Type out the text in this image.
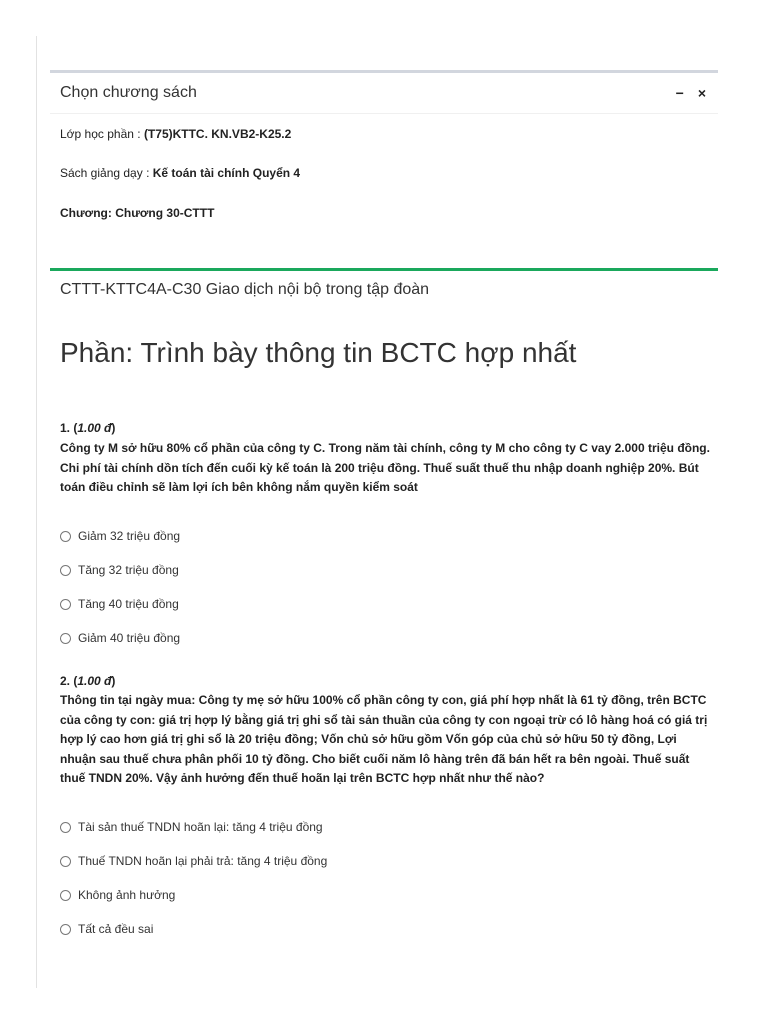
Chọn chương sách	− ×
Lớp học phần : (T75)KTTC. KN.VB2-K25.2
Sách giảng dạy : Kế toán tài chính Quyển 4
Chương: Chương 30-CTTT
CTTT-KTTC4A-C30 Giao dịch nội bộ trong tập đoàn
Phần: Trình bày thông tin BCTC hợp nhất
1. (1.00 đ)
Công ty M sở hữu 80% cổ phần của công ty C. Trong năm tài chính, công ty M cho công ty C vay 2.000 triệu đồng. Chi phí tài chính dồn tích đến cuối kỳ kế toán là 200 triệu đồng. Thuế suất thuế thu nhập doanh nghiệp 20%. Bút toán điều chỉnh sẽ làm lợi ích bên không nắm quyền kiểm soát
Giảm 32 triệu đồng
Tăng 32 triệu đồng
Tăng 40 triệu đồng
Giảm 40 triệu đồng
2. (1.00 đ)
Thông tin tại ngày mua: Công ty mẹ sở hữu 100% cổ phần công ty con, giá phí hợp nhất là 61 tỷ đồng, trên BCTC của công ty con: giá trị hợp lý bằng giá trị ghi sổ tài sản thuần của công ty con ngoại trừ có lô hàng hoá có giá trị hợp lý cao hơn giá trị ghi sổ là 20 triệu đồng; Vốn chủ sở hữu gồm Vốn góp của chủ sở hữu 50 tỷ đồng, Lợi nhuận sau thuế chưa phân phối 10 tỷ đồng. Cho biết cuối năm lô hàng trên đã bán hết ra bên ngoài. Thuế suất thuế TNDN 20%. Vậy ảnh hưởng đến thuế hoãn lại trên BCTC hợp nhất như thế nào?
Tài sản thuế TNDN hoãn lại: tăng 4 triệu đồng
Thuế TNDN hoãn lại phải trả: tăng 4 triệu đồng
Không ảnh hưởng
Tất cả đều sai
